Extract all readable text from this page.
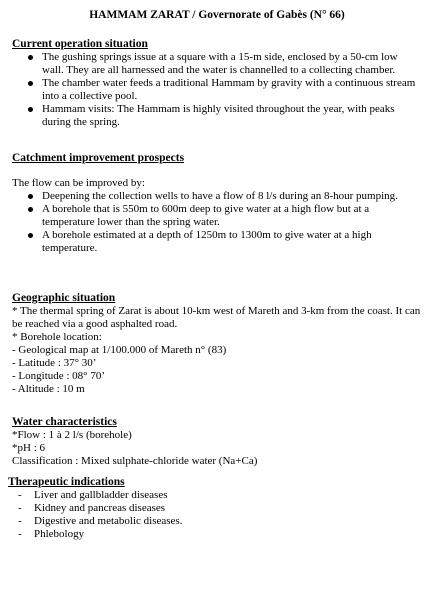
HAMMAM ZARAT / Governorate of Gabès (N° 66)

Current operation situation

The gushing springs issue at a square with a 15-m side, enclosed by a 50-cm low wall. They are all harnessed and the water is channelled to a collecting chamber.
The chamber water feeds a traditional Hammam by gravity with a continuous stream into a collective pool.
Hammam visits: The Hammam is highly visited throughout the year, with peaks during the spring.

Catchment improvement prospects

The flow can be improved by:

Deepening the collection wells to have a flow of 8 l/s during an 8-hour pumping.
A borehole that is 550m to 600m deep to give water at a high flow but at a temperature lower than the spring water.
A borehole estimated at a depth of 1250m to 1300m to give water at a high temperature.

Geographic situation

* The thermal spring of Zarat is about 10-km west of Mareth and 3-km from the coast. It can be reached via a good asphalted road.

* Borehole location:

- Geological map at 1/100.000 of Mareth n° (83)

- Latitude : 37° 30’

- Longitude : 08° 70’

- Altitude : 10 m

Water characteristics

*Flow : 1 à 2 l/s (borehole)

*pH : 6

Classification : Mixed sulphate-chloride water (Na+Ca)

Therapeutic indications

- Liver and gallbladder diseases
- Kidney and pancreas diseases
- Digestive and metabolic diseases.
- Phlebology
